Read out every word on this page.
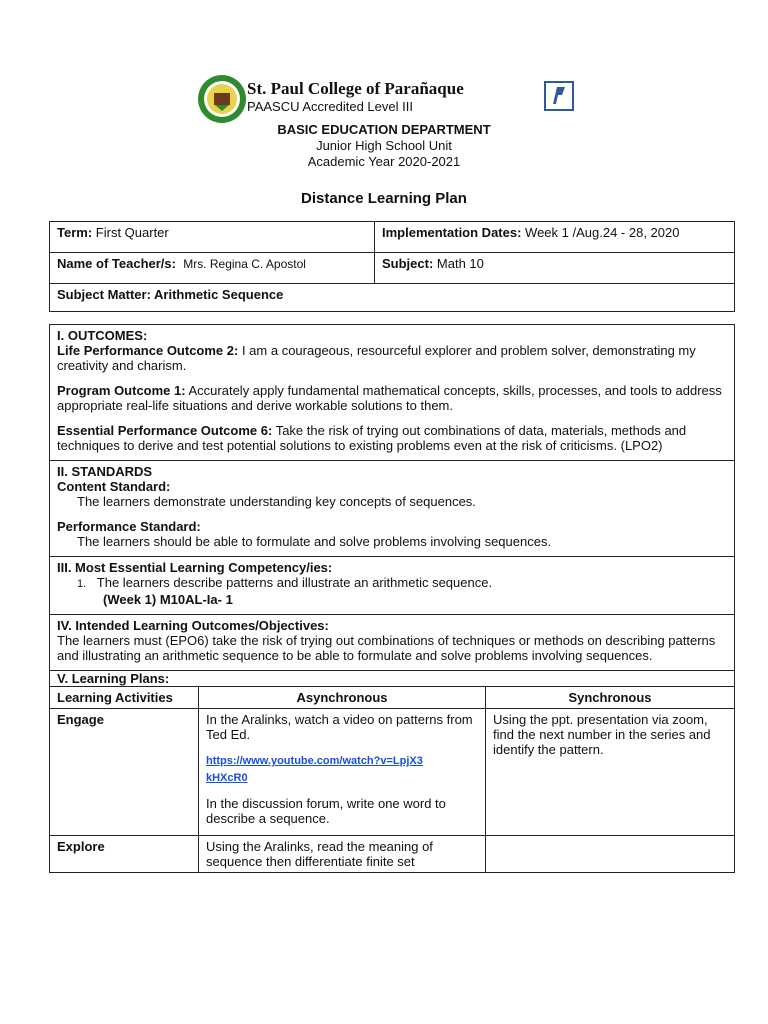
St. Paul College of Parañaque
PAASCU Accredited Level III
BASIC EDUCATION DEPARTMENT
Junior High School Unit
Academic Year 2020-2021
Distance Learning Plan
Term: First Quarter	Implementation Dates: Week 1 /Aug.24 - 28, 2020
Name of Teacher/s: Mrs. Regina C. Apostol	Subject: Math 10
Subject Matter: Arithmetic Sequence	
I. OUTCOMES:
Life Performance Outcome 2: I am a courageous, resourceful explorer and problem solver, demonstrating my creativity and charism.
Program Outcome 1: Accurately apply fundamental mathematical concepts, skills, processes, and tools to address appropriate real-life situations and derive workable solutions to them.
Essential Performance Outcome 6: Take the risk of trying out combinations of data, materials, methods and techniques to derive and test potential solutions to existing problems even at the risk of criticisms. (LPO2)		

II. STANDARDS
Content Standard:

The learners demonstrate understanding key concepts of sequences.
Performance Standard:

The learners should be able to formulate and solve problems involving sequences.		

III. Most Essential Learning Competency/ies:

1. The learners describe patterns and illustrate an arithmetic sequence.
(Week 1) M10AL-Ia- 1		

IV. Intended Learning Outcomes/Objectives:
The learners must (EPO6) take the risk of trying out combinations of techniques or methods on describing patterns and illustrating an arithmetic sequence to be able to formulate and solve problems involving sequences.		

V. Learning Plans:		
Learning Activities	Asynchronous	Synchronous
Engage	In the Aralinks, watch a video on patterns from Ted Ed.
https://www.youtube.com/watch?v=LpjX3kHXcR0
In the discussion forum, write one word to describe a sequence.	Using the ppt. presentation via zoom, find the next number in the series and identify the pattern.
Explore	Using the Aralinks, read the meaning of sequence then differentiate finite set	
